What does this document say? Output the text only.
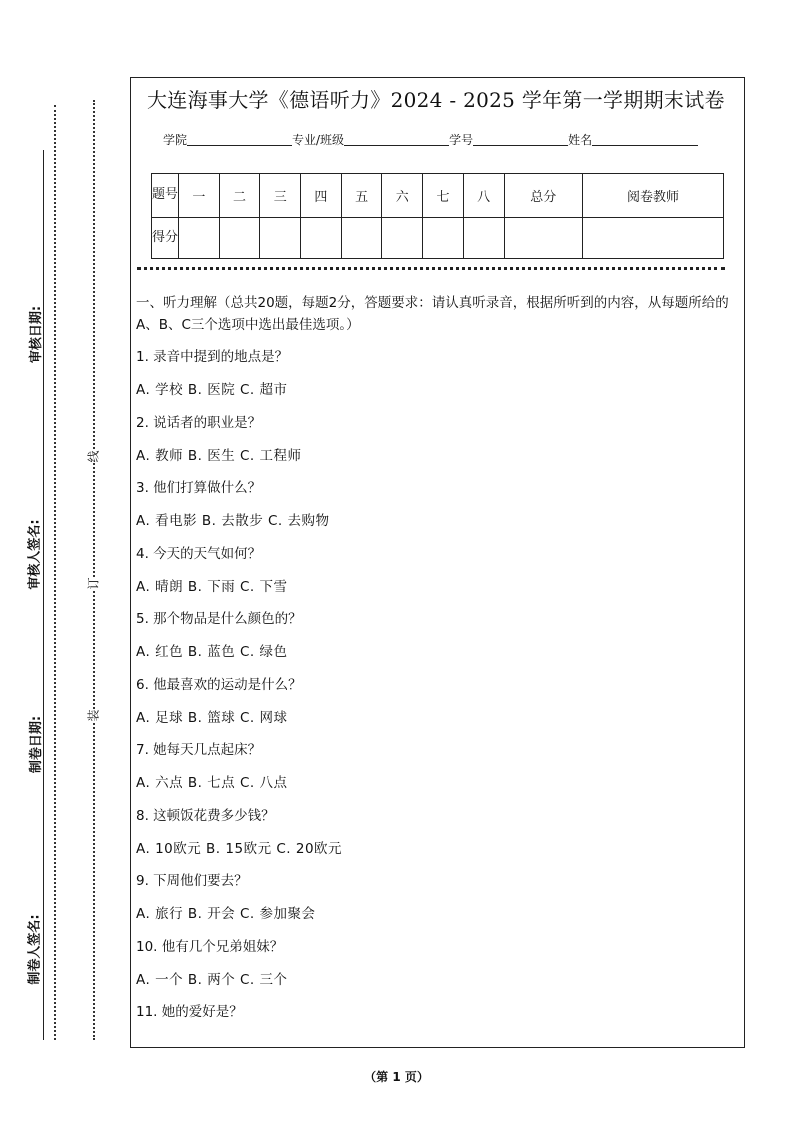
审核日期:
审核人签名:
制卷日期:
制卷人签名:
线
订
装
大连海事大学《德语听力》2024 - 2025 学年第一学期期末试卷
学院	专业/班级	学号	姓名
题号	一	二	三	四	五	六	七	八	总分	阅卷教师
得分										
一、听力理解（总共20题，每题2分，答题要求：请认真听录音，根据所听到的内容，从每题所给的A、B、C三个选项中选出最佳选项。）
1. 录音中提到的地点是？
A. 学校 B. 医院 C. 超市
2. 说话者的职业是？
A. 教师 B. 医生 C. 工程师
3. 他们打算做什么？
A. 看电影 B. 去散步 C. 去购物
4. 今天的天气如何？
A. 晴朗 B. 下雨 C. 下雪
5. 那个物品是什么颜色的？
A. 红色 B. 蓝色 C. 绿色
6. 他最喜欢的运动是什么？
A. 足球 B. 篮球 C. 网球
7. 她每天几点起床？
A. 六点 B. 七点 C. 八点
8. 这顿饭花费多少钱？
A. 10欧元 B. 15欧元 C. 20欧元
9. 下周他们要去？
A. 旅行 B. 开会 C. 参加聚会
10. 他有几个兄弟姐妹？
A. 一个 B. 两个 C. 三个
11. 她的爱好是？
（第 1 页）
